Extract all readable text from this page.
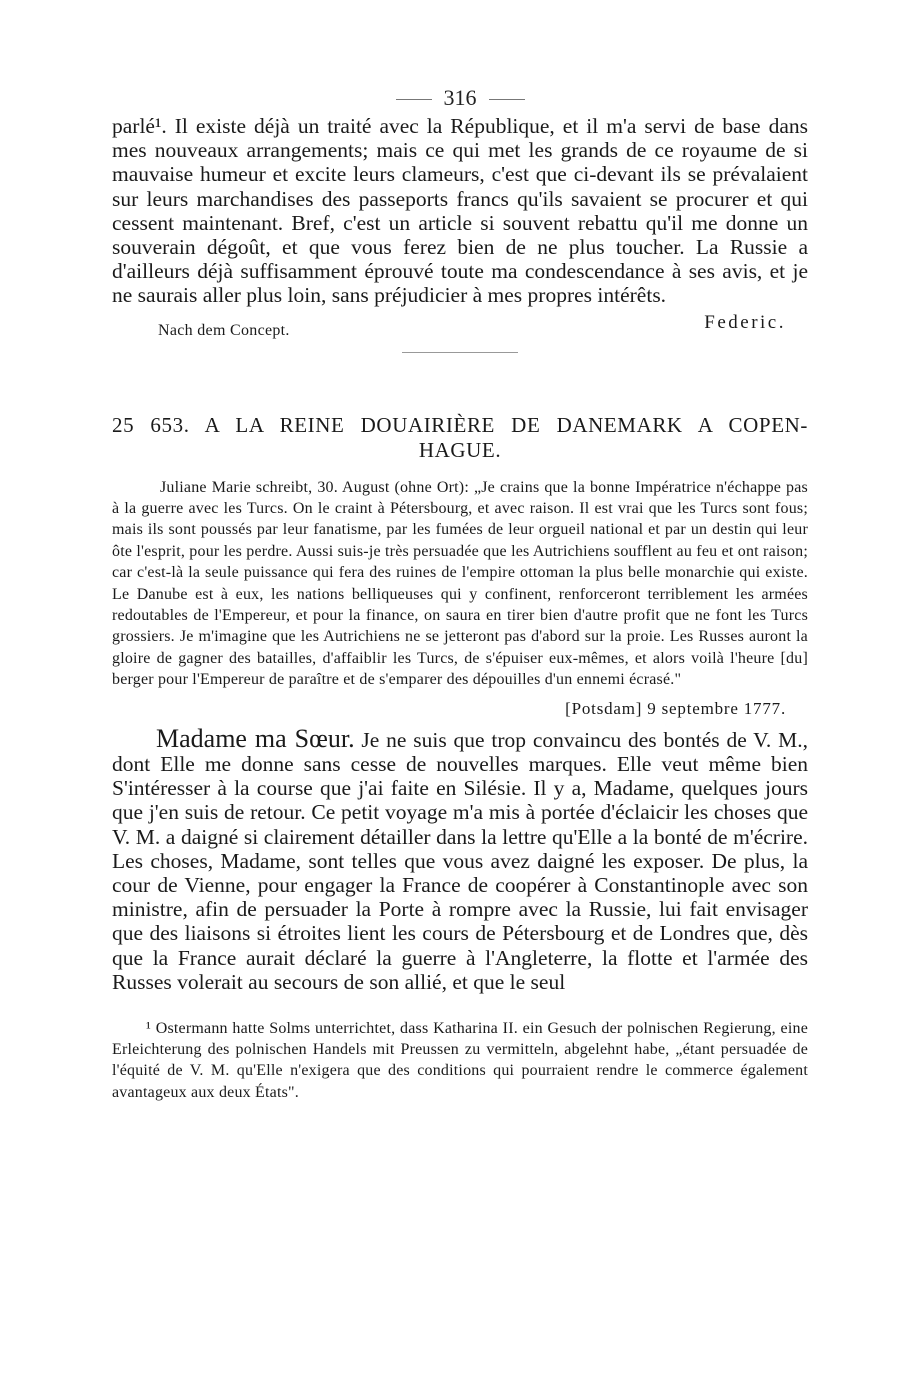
316

parlé¹. Il existe déjà un traité avec la République, et il m'a servi de base dans mes nouveaux arrangements; mais ce qui met les grands de ce royaume de si mauvaise humeur et excite leurs clameurs, c'est que ci-devant ils se prévalaient sur leurs marchandises des passeports francs qu'ils savaient se procurer et qui cessent maintenant. Bref, c'est un article si souvent rebattu qu'il me donne un souverain dégoût, et que vous ferez bien de ne plus toucher. La Russie a d'ailleurs déjà suffisamment éprouvé toute ma condescendance à ses avis, et je ne saurais aller plus loin, sans préjudicier à mes propres intérêts.

Nach dem Concept.	Federic.
25 653. A LA REINE DOUAIRIÈRE DE DANEMARK A COPEN-
HAGUE.

Juliane Marie schreibt, 30. August (ohne Ort): „Je crains que la bonne Impératrice n'échappe pas à la guerre avec les Turcs. On le craint à Pétersbourg, et avec raison. Il est vrai que les Turcs sont fous; mais ils sont poussés par leur fanatisme, par les fumées de leur orgueil national et par un destin qui leur ôte l'esprit, pour les perdre. Aussi suis-je très persuadée que les Autrichiens soufflent au feu et ont raison; car c'est-là la seule puissance qui fera des ruines de l'empire ottoman la plus belle monarchie qui existe. Le Danube est à eux, les nations belliqueuses qui y confinent, renforceront terriblement les armées redoutables de l'Empereur, et pour la finance, on saura en tirer bien d'autre profit que ne font les Turcs grossiers. Je m'imagine que les Autrichiens ne se jetteront pas d'abord sur la proie. Les Russes auront la gloire de gagner des batailles, d'affaiblir les Turcs, de s'épuiser eux-mêmes, et alors voilà l'heure [du] berger pour l'Empereur de paraître et de s'emparer des dépouilles d'un ennemi écrasé."

[Potsdam] 9 septembre 1777.

Madame ma Sœur. Je ne suis que trop convaincu des bontés de V. M., dont Elle me donne sans cesse de nouvelles marques. Elle veut même bien S'intéresser à la course que j'ai faite en Silésie. Il y a, Madame, quelques jours que j'en suis de retour. Ce petit voyage m'a mis à portée d'éclaicir les choses que V. M. a daigné si clairement détailler dans la lettre qu'Elle a la bonté de m'écrire. Les choses, Madame, sont telles que vous avez daigné les exposer. De plus, la cour de Vienne, pour engager la France de coopérer à Constantinople avec son ministre, afin de persuader la Porte à rompre avec la Russie, lui fait envisager que des liaisons si étroites lient les cours de Pétersbourg et de Londres que, dès que la France aurait déclaré la guerre à l'Angleterre, la flotte et l'armée des Russes volerait au secours de son allié, et que le seul

¹ Ostermann hatte Solms unterrichtet, dass Katharina II. ein Gesuch der polnischen Regierung, eine Erleichterung des polnischen Handels mit Preussen zu vermitteln, abgelehnt habe, „étant persuadée de l'équité de V. M. qu'Elle n'exigera que des conditions qui pourraient rendre le commerce également avantageux aux deux États".
